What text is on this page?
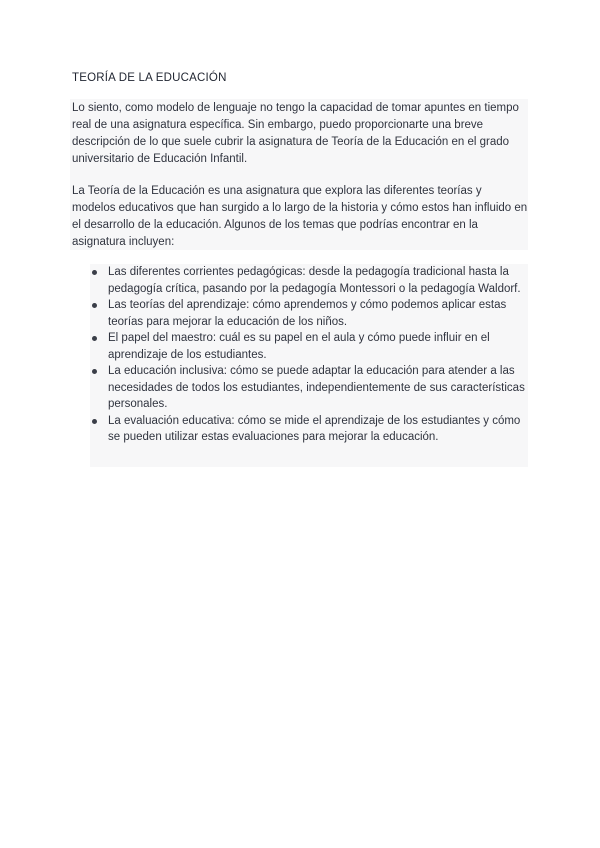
TEORÍA DE LA EDUCACIÓN

Lo siento, como modelo de lenguaje no tengo la capacidad de tomar apuntes en tiempo real de una asignatura específica. Sin embargo, puedo proporcionarte una breve descripción de lo que suele cubrir la asignatura de Teoría de la Educación en el grado universitario de Educación Infantil.

La Teoría de la Educación es una asignatura que explora las diferentes teorías y modelos educativos que han surgido a lo largo de la historia y cómo estos han influido en el desarrollo de la educación. Algunos de los temas que podrías encontrar en la asignatura incluyen:

Las diferentes corrientes pedagógicas: desde la pedagogía tradicional hasta la pedagogía crítica, pasando por la pedagogía Montessori o la pedagogía Waldorf.
Las teorías del aprendizaje: cómo aprendemos y cómo podemos aplicar estas teorías para mejorar la educación de los niños.
El papel del maestro: cuál es su papel en el aula y cómo puede influir en el aprendizaje de los estudiantes.
La educación inclusiva: cómo se puede adaptar la educación para atender a las necesidades de todos los estudiantes, independientemente de sus características personales.
La evaluación educativa: cómo se mide el aprendizaje de los estudiantes y cómo se pueden utilizar estas evaluaciones para mejorar la educación.
